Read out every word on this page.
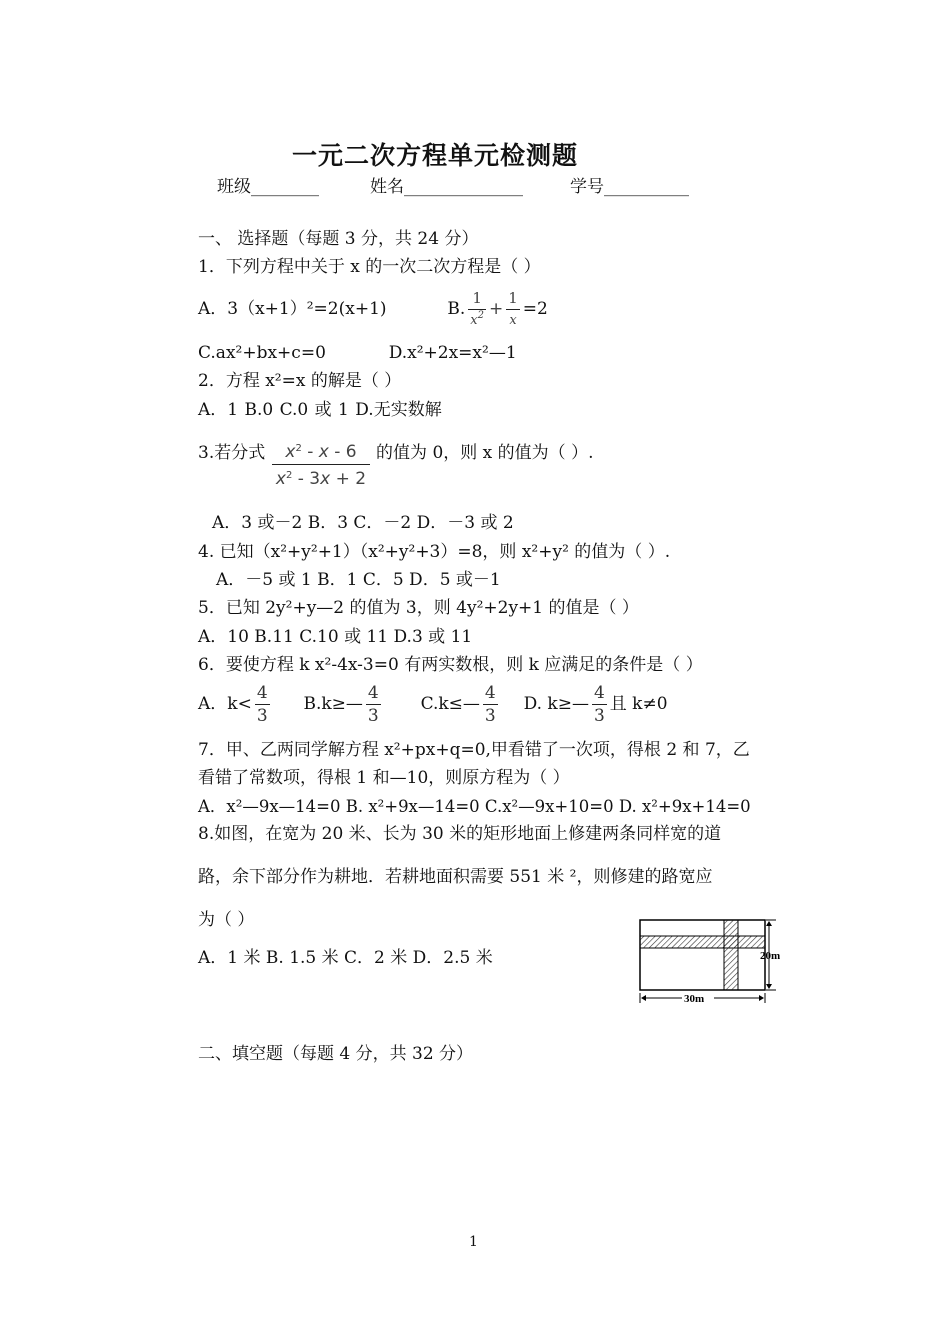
一元二次方程单元检测题
班级________	姓名______________	学号__________
一、 选择题（每题 3 分，共 24 分）
1．下列方程中关于 x 的一次二次方程是（ ）
A．3（x+1）²=2(x+1)	B. $\frac{1}{x^2} + \frac{1}{x} =2$
C.ax²+bx+c=0	D.x²+2x=x²—1
2．方程 x²=x 的解是（ ）
A．1 B.0 C.0 或 1 D.无实数解
3.若分式	的值为 0，则 x 的值为（ ）.
$x^2$ - x - 6
$x^2 - 3x + 2$
A．3 或－2 B．3 C．－2 D．－3 或 2
4. 已知（x²+y²+1）（x²+y²+3）=8，则 x²+y² 的值为（ ）.
A．－5 或 1 B．1 C．5 D．5 或－1
5．已知 2y²+y—2 的值为 3，则 4y²+2y+1 的值是（ ）
A．10 B.11 C.10 或 11 D.3 或 11
6．要使方程 k x²-4x-3=0 有两实数根，则 k 应满足的条件是（ ）
A．$k< \frac{4}{3}$ B.k≥— $\frac{4}{3}$ C.k≤— $\frac{4}{3} D$. k≥— $\frac{4}{3}$ 且 k≠0
7．甲、乙两同学解方程 x²+px+q=0,甲看错了一次项，得根 2 和 7，乙
看错了常数项，得根 1 和—10，则原方程为（ ）
A．x²—9x—14=0 B. x²+9x—14=0 C.x²—9x+10=0 D. x²+9x+14=0
8.如图，在宽为 20 米、长为 30 米的矩形地面上修建两条同样宽的道
路，余下部分作为耕地．若耕地面积需要 551 米 ²，则修建的路宽应
为（ ）
A．1 米 B. 1.5 米 C．2 米 D．2.5 米	20m
30m
二、填空题（每题 4 分，共 32 分）
1
